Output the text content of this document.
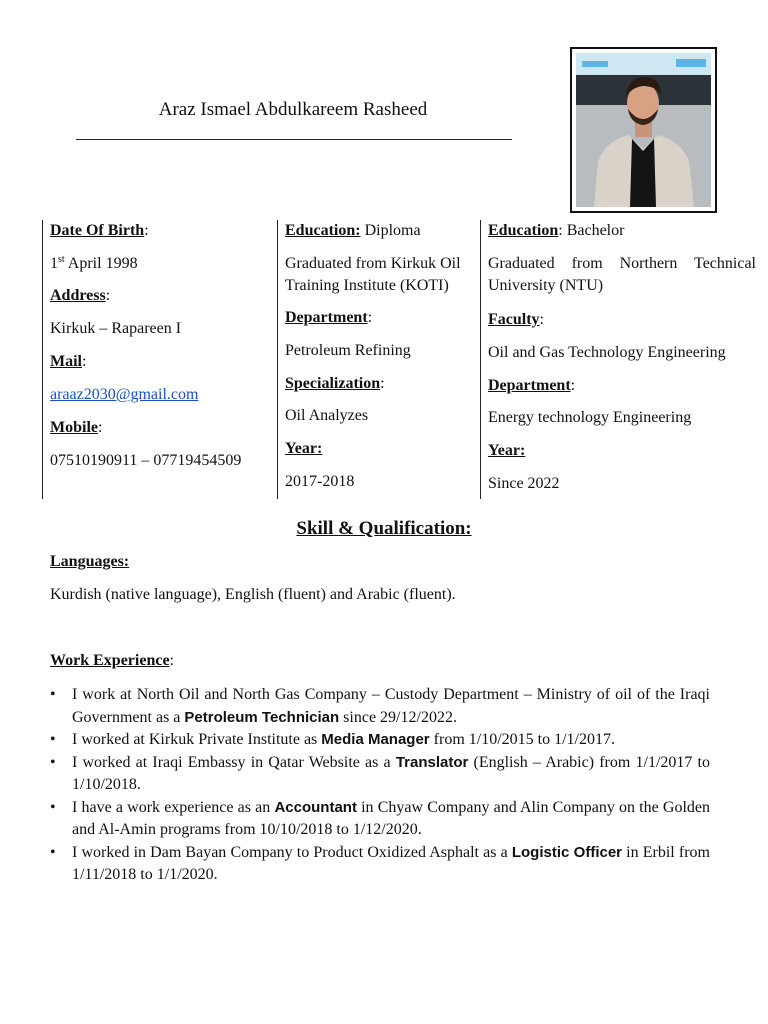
Araz Ismael Abdulkareem Rasheed
Date Of Birth:
1st April 1998
Address:
Kirkuk – Rapareen I
Mail:
araaz2030@gmail.com
Mobile:
07510190911 – 07719454509
Education: Diploma
Graduated from Kirkuk Oil Training Institute (KOTI)
Department:
Petroleum Refining
Specialization:
Oil Analyzes
Year:
2017-2018
Education: Bachelor
Graduated from Northern Technical University (NTU)
Faculty:
Oil and Gas Technology Engineering
Department:
Energy technology Engineering
Year:
Since 2022
Skill & Qualification:
Languages:
Kurdish (native language), English (fluent) and Arabic (fluent).
Work Experience:
• I work at North Oil and North Gas Company – Custody Department – Ministry of oil of the Iraqi Government as a Petroleum Technician since 29/12/2022.
• I worked at Kirkuk Private Institute as Media Manager from 1/10/2015 to 1/1/2017.
• I worked at Iraqi Embassy in Qatar Website as a Translator (English – Arabic) from 1/1/2017 to 1/10/2018.
• I have a work experience as an Accountant in Chyaw Company and Alin Company on the Golden and Al-Amin programs from 10/10/2018 to 1/12/2020.
• I worked in Dam Bayan Company to Product Oxidized Asphalt as a Logistic Officer in Erbil from 1/11/2018 to 1/1/2020.
